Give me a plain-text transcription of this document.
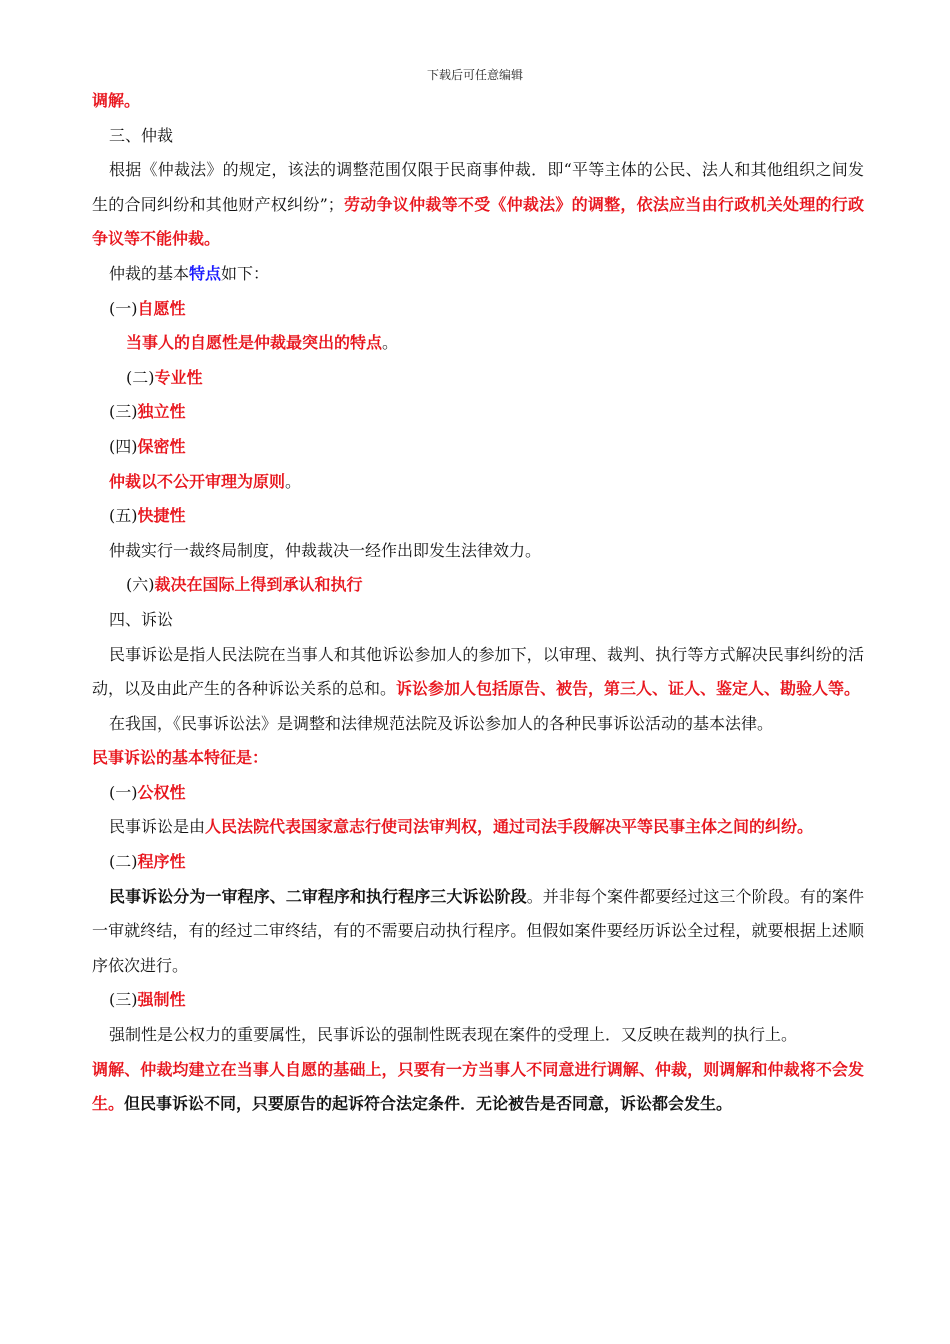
下载后可任意编辑

调解。

三、仲裁

根据《仲裁法》的规定，该法的调整范围仅限于民商事仲裁．即“平等主体的公民、法人和其他组织之间发生的合同纠纷和其他财产权纠纷”；劳动争议仲裁等不受《仲裁法》的调整，依法应当由行政机关处理的行政争议等不能仲裁。

仲裁的基本特点如下：

(一)自愿性

当事人的自愿性是仲裁最突出的特点。

(二)专业性

(三)独立性

(四)保密性

仲裁以不公开审理为原则。

(五)快捷性

仲裁实行一裁终局制度，仲裁裁决一经作出即发生法律效力。

(六)裁决在国际上得到承认和执行

四、诉讼

民事诉讼是指人民法院在当事人和其他诉讼参加人的参加下，以审理、裁判、执行等方式解决民事纠纷的活动，以及由此产生的各种诉讼关系的总和。诉讼参加人包括原告、被告，第三人、证人、鉴定人、勘验人等。

在我国，《民事诉讼法》是调整和法律规范法院及诉讼参加人的各种民事诉讼活动的基本法律。

民事诉讼的基本特征是：

(一)公权性

民事诉讼是由人民法院代表国家意志行使司法审判权，通过司法手段解决平等民事主体之间的纠纷。

(二)程序性

民事诉讼分为一审程序、二审程序和执行程序三大诉讼阶段。并非每个案件都要经过这三个阶段。有的案件一审就终结，有的经过二审终结，有的不需要启动执行程序。但假如案件要经历诉讼全过程，就要根据上述顺序依次进行。

(三)强制性

强制性是公权力的重要属性，民事诉讼的强制性既表现在案件的受理上．又反映在裁判的执行上。

调解、仲裁均建立在当事人自愿的基础上，只要有一方当事人不同意进行调解、仲裁，则调解和仲裁将不会发生。但民事诉讼不同，只要原告的起诉符合法定条件．无论被告是否同意，诉讼都会发生。
